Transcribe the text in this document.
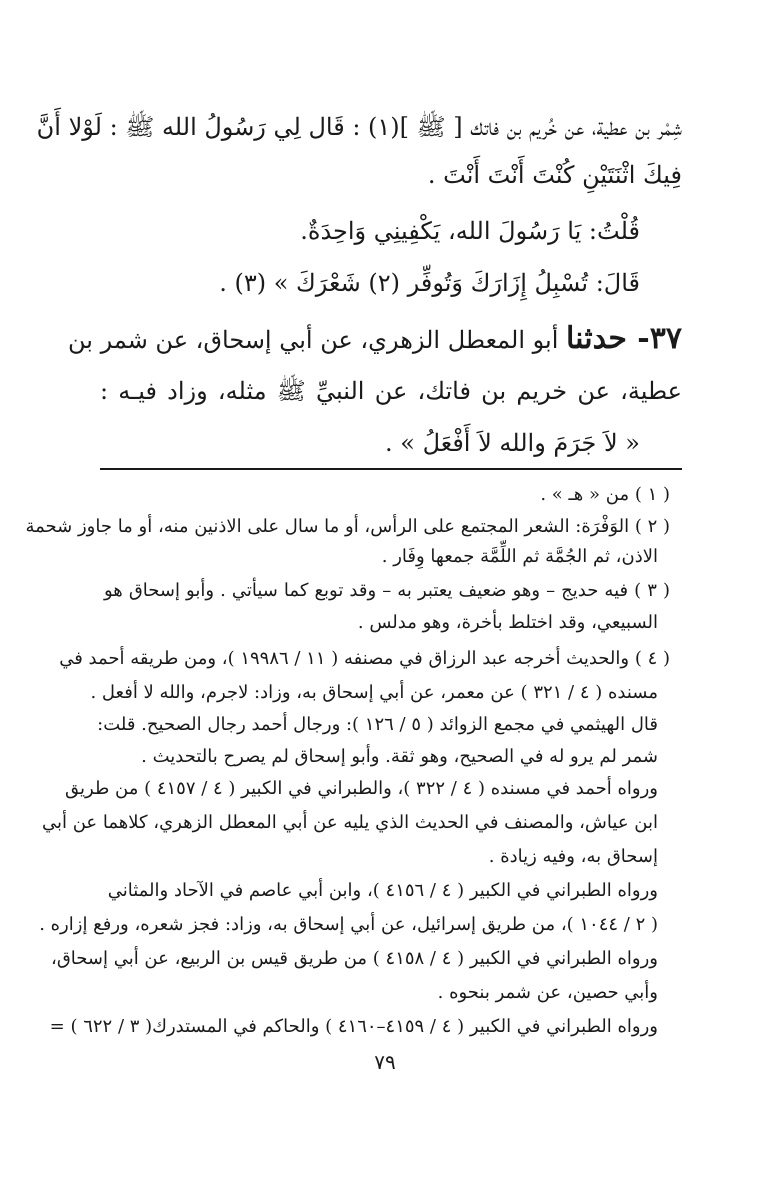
شِمْر بن عطية، عن خُريم بن فاتك [ ﷺ ](١) : قَال لِي رَسُولُ الله ﷺ : لَوْلا أَنَّ
فِيكَ اثْنَتَيْنِ كُنْتَ أَنْتَ أَنْتَ .
قُلْتُ: يَا رَسُولَ الله، يَكْفِينِي وَاحِدَةٌ.
قَالَ: تُسْبِلُ إِزَارَكَ وَتُوفِّر (٢) شَعْرَكَ » (٣) .
٣٧- حدثنا أبو المعطل الزهري، عن أبي إسحاق، عن شمر بن
عطية، عن خريم بن فاتك، عن النبيِّ ﷺ مثله، وزاد فيـه :
« لاَ جَرَمَ والله لاَ أَفْعَلُ » .
( ١ ) من « هـ » .
( ٢ ) الوَفْرَة: الشعر المجتمع على الرأس، أو ما سال على الاذنين منه، أو ما جاوز شحمة
الاذن، ثم الجُمَّة ثم اللِّمَّة جمعها وِفَار .
( ٣ ) فيه حديج – وهو ضعيف يعتبر به – وقد توبع كما سيأتي . وأبو إسحاق هو
السبيعي، وقد اختلط بأخرة، وهو مدلس .
( ٤ ) والحديث أخرجه عبد الرزاق في مصنفه ( ١١ / ١٩٩٨٦ )، ومن طريقه أحمد في
مسنده ( ٤ / ٣٢١ ) عن معمر، عن أبي إسحاق به، وزاد: لاجرم، والله لا أفعل .
قال الهيثمي في مجمع الزوائد ( ٥ / ١٢٦ ): ورجال أحمد رجال الصحيح. قلت:
شمر لم يرو له في الصحيح، وهو ثقة. وأبو إسحاق لم يصرح بالتحديث .
ورواه أحمد في مسنده ( ٤ / ٣٢٢ )، والطبراني في الكبير ( ٤ / ٤١٥٧ ) من طريق
ابن عياش، والمصنف في الحديث الذي يليه عن أبي المعطل الزهري، كلاهما عن أبي
إسحاق به، وفيه زيادة .
ورواه الطبراني في الكبير ( ٤ / ٤١٥٦ )، وابن أبي عاصم في الآحاد والمثاني
( ٢ / ١٠٤٤ )، من طريق إسرائيل، عن أبي إسحاق به، وزاد: فجز شعره، ورفع إزاره .
ورواه الطبراني في الكبير ( ٤ / ٤١٥٨ ) من طريق قيس بن الربيع، عن أبي إسحاق،
وأبي حصين، عن شمر بنحوه .
ورواه الطبراني في الكبير ( ٤ / ٤١٥٩–٤١٦٠ ) والحاكم في المستدرك( ٣ / ٦٢٢ ) =
٧٩
